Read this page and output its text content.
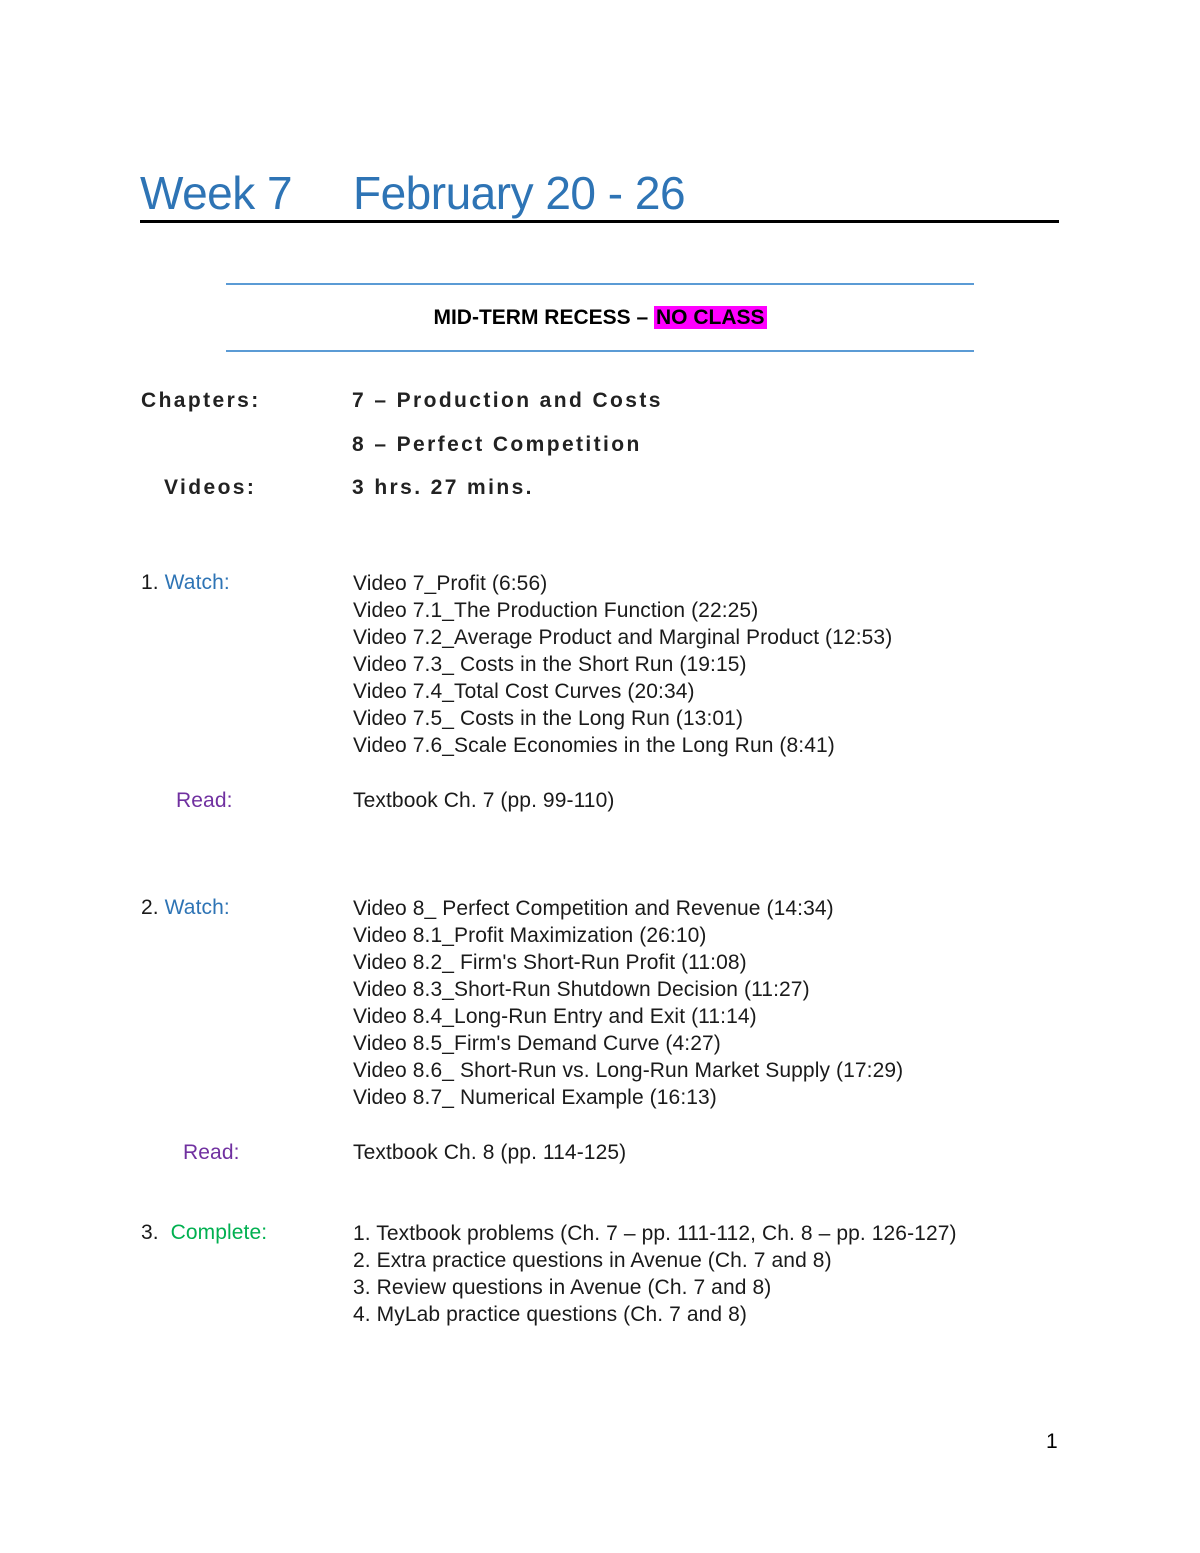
Week 7 February 20 - 26
MID-TERM RECESS – NO CLASS
Chapters:	7 – Production and Costs
8 – Perfect Competition
Videos:	3 hrs. 27 mins.
1. Watch:	Video 7_Profit (6:56)
Video 7.1_The Production Function (22:25)
Video 7.2_Average Product and Marginal Product (12:53)
Video 7.3_ Costs in the Short Run (19:15)
Video 7.4_Total Cost Curves (20:34)
Video 7.5_ Costs in the Long Run (13:01)
Video 7.6_Scale Economies in the Long Run (8:41)
Read:	Textbook Ch. 7 (pp. 99-110)
2. Watch:	Video 8_ Perfect Competition and Revenue (14:34)
Video 8.1_Profit Maximization (26:10)
Video 8.2_ Firm's Short-Run Profit (11:08)
Video 8.3_Short-Run Shutdown Decision (11:27)
Video 8.4_Long-Run Entry and Exit (11:14)
Video 8.5_Firm's Demand Curve (4:27)
Video 8.6_ Short-Run vs. Long-Run Market Supply (17:29)
Video 8.7_ Numerical Example (16:13)
Read:	Textbook Ch. 8 (pp. 114-125)
3. Complete:	1. Textbook problems (Ch. 7 – pp. 111-112, Ch. 8 – pp. 126-127)
2. Extra practice questions in Avenue (Ch. 7 and 8)
3. Review questions in Avenue (Ch. 7 and 8)
4. MyLab practice questions (Ch. 7 and 8)
1
